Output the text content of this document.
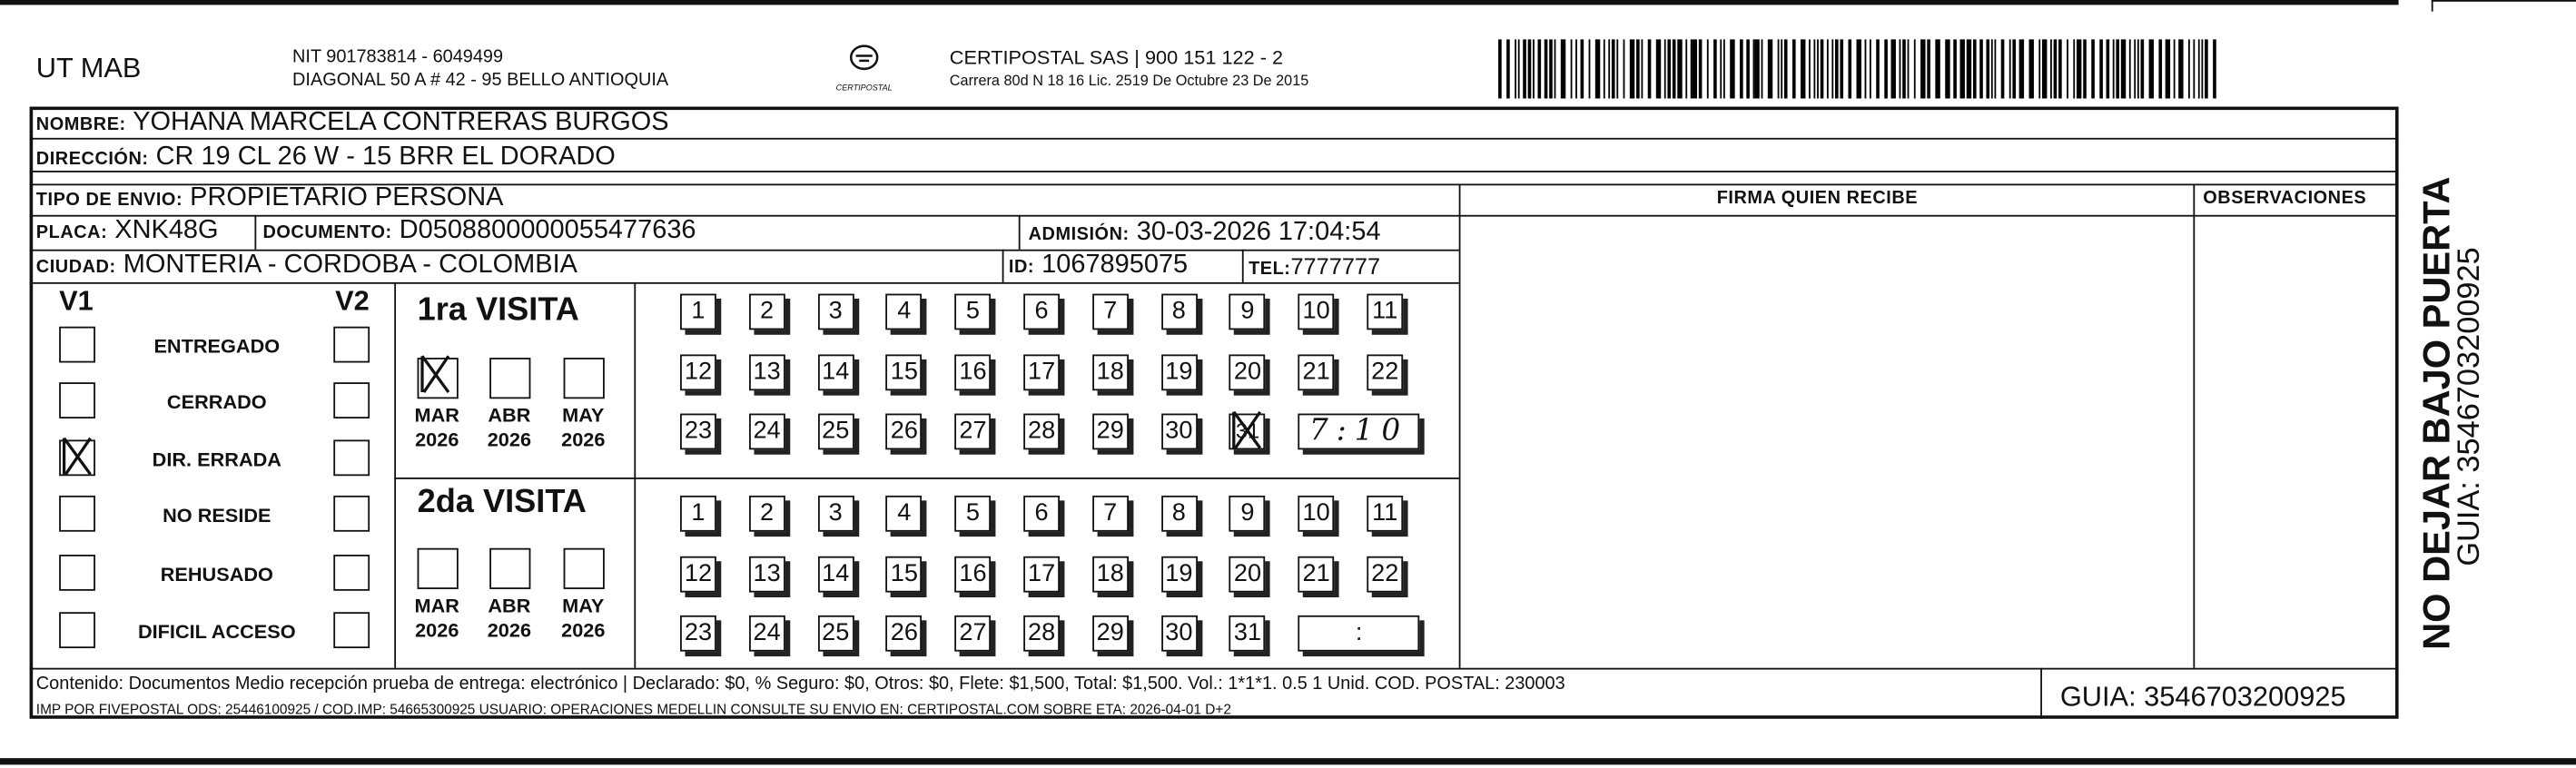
UT MAB	NIT 901783814 - 6049499
DIAGONAL 50 A # 42 - 95 BELLO ANTIOQUIA	CERTIPOSTAL
CERTIPOSTAL SAS | 900 151 122 - 2
Carrera 80d N 18 16 Lic. 2519 De Octubre 23 De 2015
NOMBRE: YOHANA MARCELA CONTRERAS BURGOS
DIRECCIÓN: CR 19 CL 26 W - 15 BRR EL DORADO
TIPO DE ENVIO: PROPIETARIO PERSONA	FIRMA QUIEN RECIBE	OBSERVACIONES
PLACA: XNK48G	DOCUMENTO: D0508800000055477636	ADMISIÓN: 30-03-2026 17:04:54
CIUDAD: MONTERIA - CORDOBA - COLOMBIA	ID: 1067895075	TEL:7777777
V1	V2
ENTREGADO
CERRADO
DIR. ERRADA
NO RESIDE
REHUSADO
DIFICIL ACCESO
1ra VISITA
MAR
2026
ABR
2026
MAY
2026
1	2	3	4	5	6	7	8	9	10	11
12	13	14	15	16	17	18	19	20	21	22
23	24	25	26	27	28	29	30	31	7:10
2da VISITA
MAR
2026
ABR
2026
MAY
2026
1	2	3	4	5	6	7	8	9	10	11
12	13	14	15	16	17	18	19	20	21	22
23	24	25	26	27	28	29	30	31	:
Contenido: Documentos Medio recepción prueba de entrega: electrónico | Declarado: $0, % Seguro: $0, Otros: $0, Flete: $1,500, Total: $1,500. Vol.: 1*1*1. 0.5 1 Unid. COD. POSTAL: 230003
IMP POR FIVEPOSTAL ODS: 25446100925 / COD.IMP: 54665300925 USUARIO: OPERACIONES MEDELLIN CONSULTE SU ENVIO EN: CERTIPOSTAL.COM SOBRE ETA: 2026-04-01 D+2	GUIA: 3546703200925
NO DEJAR BAJO PUERTA
GUIA: 3546703200925
